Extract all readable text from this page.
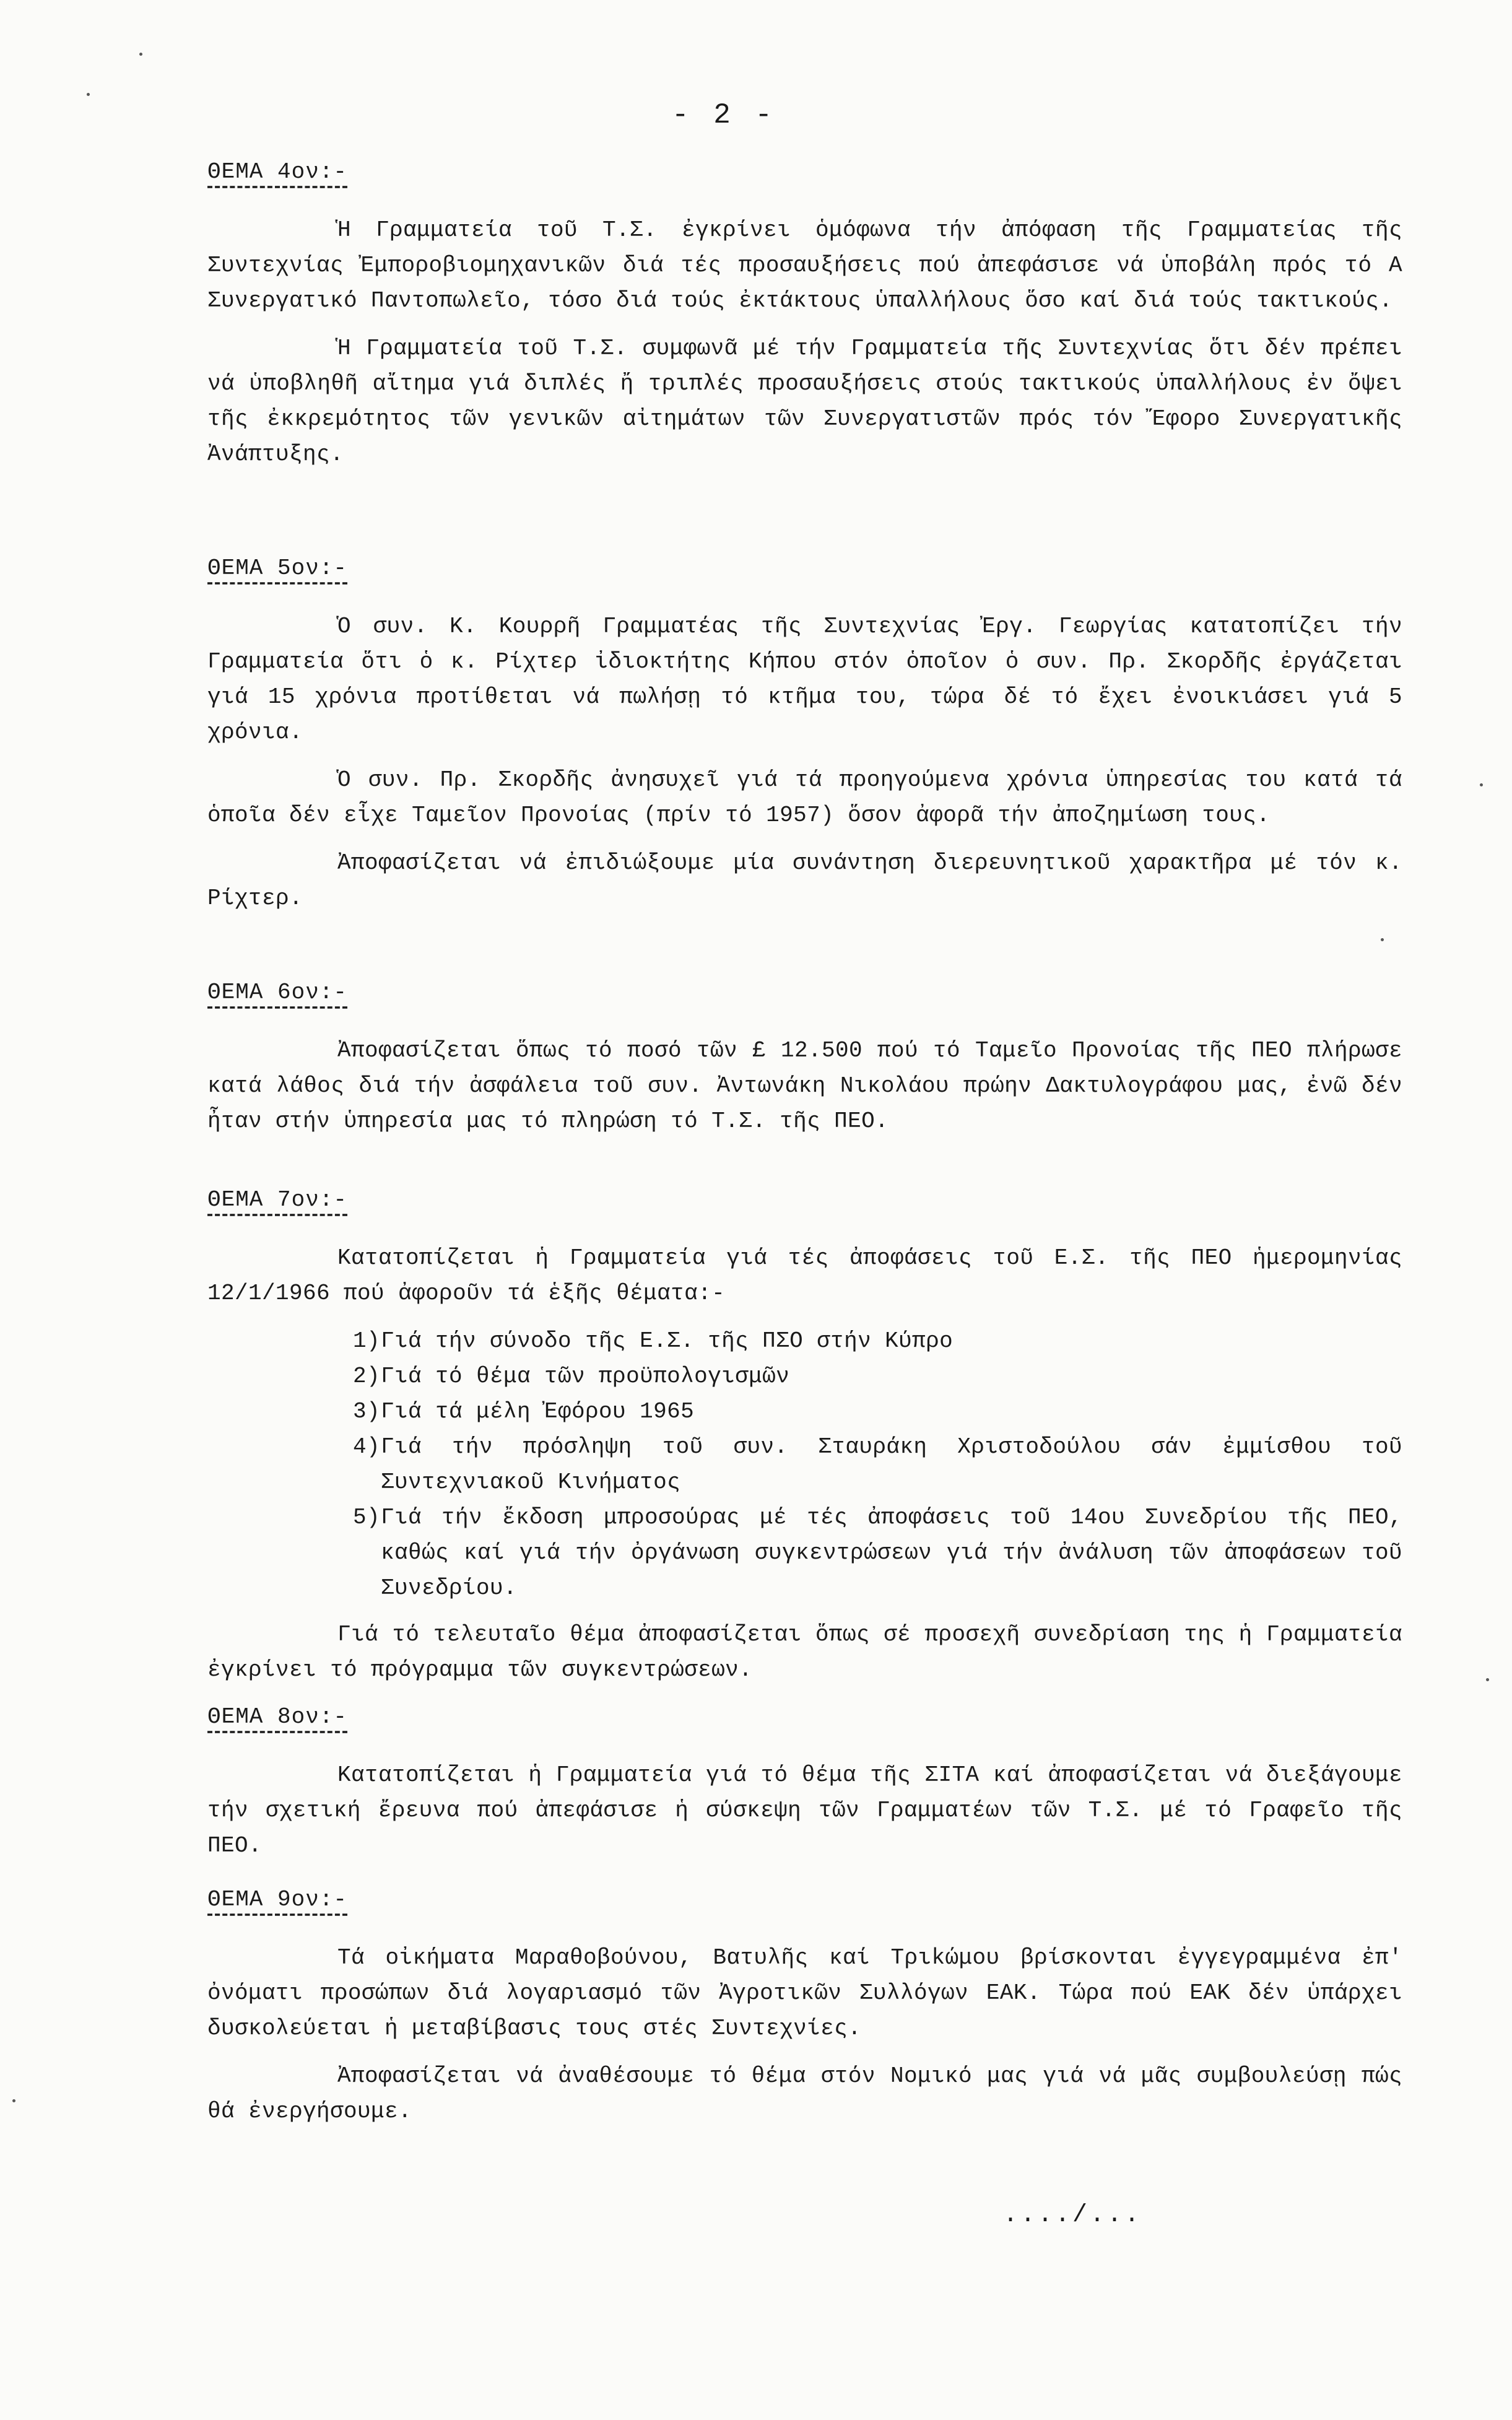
- 2 -
ΘΕΜΑ 4ον:-

Ἡ Γραμματεία τοῦ Τ.Σ. ἐγκρίνει ὁμόφωνα τήν ἀπόφαση τῆς Γραμματείας τῆς Συντεχνίας Ἐμποροβιομηχανικῶν διά τές προσαυξήσεις πού ἀπεφάσισε νά ὑποβάλη πρός τό Α Συνεργατικό Παντοπωλεῖο, τόσο διά τούς ἐκτάκτους ὑπαλλήλους ὅσο καί διά τούς τακτικούς.

Ἡ Γραμματεία τοῦ Τ.Σ. συμφωνᾶ μέ τήν Γραμματεία τῆς Συντεχνίας ὅτι δέν πρέπει νά ὑποβληθῆ αἴτημα γιά διπλές ἤ τριπλές προσαυξήσεις στούς τακτικούς ὑπαλλήλους ἐν ὄψει τῆς ἐκκρεμότητος τῶν γενικῶν αἰτημάτων τῶν Συνεργατιστῶν πρός τόν Ἔφορο Συνεργατικῆς Ἀνάπτυξης.

ΘΕΜΑ 5ον:-

Ὁ συν. Κ. Κουρρῆ Γραμματέας τῆς Συντεχνίας Ἐργ. Γεωργίας κατατοπίζει τήν Γραμματεία ὅτι ὁ κ. Ρίχτερ ἰδιοκτήτης Κήπου στόν ὁποῖον ὁ συν. Πρ. Σκορδῆς ἐργάζεται γιά 15 χρόνια προτίθεται νά πωλήσῃ τό κτῆμα του, τώρα δέ τό ἔχει ἐνοικιάσει γιά 5 χρόνια.

Ὁ συν. Πρ. Σκορδῆς ἀνησυχεῖ γιά τά προηγούμενα χρόνια ὑπηρεσίας του κατά τά ὁποῖα δέν εἶχε Ταμεῖον Προνοίας (πρίν τό 1957) ὅσον ἀφορᾶ τήν ἀποζημίωση τους.

Ἀποφασίζεται νά ἐπιδιώξουμε μία συνάντηση διερευνητικοῦ χαρακτῆρα μέ τόν κ. Ρίχτερ.

ΘΕΜΑ 6ον:-

Ἀποφασίζεται ὅπως τό ποσό τῶν £ 12.500 πού τό Ταμεῖο Προνοίας τῆς ΠΕΟ πλήρωσε κατά λάθος διά τήν ἀσφάλεια τοῦ συν. Ἀντωνάκη Νικολάου πρώην Δακτυλογράφου μας, ἐνῶ δέν ἦταν στήν ὑπηρεσία μας τό πληρώση τό Τ.Σ. τῆς ΠΕΟ.

ΘΕΜΑ 7ον:-

Κατατοπίζεται ἡ Γραμματεία γιά τές ἀποφάσεις τοῦ Ε.Σ. τῆς ΠΕΟ ἡμερομηνίας 12/1/1966 πού ἀφοροῦν τά ἑξῆς θέματα:-

1) Γιά τήν σύνοδο τῆς Ε.Σ. τῆς ΠΣΟ στήν Κύπρο
2) Γιά τό θέμα τῶν προϋπολογισμῶν
3) Γιά τά μέλη Ἐφόρου 1965
4) Γιά τήν πρόσληψη τοῦ συν. Σταυράκη Χριστοδούλου σάν ἐμμίσθου τοῦ Συντεχνιακοῦ Κινήματος
5) Γιά τήν ἔκδοση μπροσούρας μέ τές ἀποφάσεις τοῦ 14ου Συνεδρίου τῆς ΠΕΟ, καθώς καί γιά τήν ὀργάνωση συγκεντρώσεων γιά τήν ἀνάλυση τῶν ἀποφάσεων τοῦ Συνεδρίου.

Γιά τό τελευταῖο θέμα ἀποφασίζεται ὅπως σέ προσεχῆ συνεδρίαση της ἡ Γραμματεία ἐγκρίνει τό πρόγραμμα τῶν συγκεντρώσεων.

ΘΕΜΑ 8ον:-

Κατατοπίζεται ἡ Γραμματεία γιά τό θέμα τῆς ΣΙΤΑ καί ἀποφασίζεται νά διεξάγουμε τήν σχετική ἔρευνα πού ἀπεφάσισε ἡ σύσκεψη τῶν Γραμματέων τῶν Τ.Σ. μέ τό Γραφεῖο τῆς ΠΕΟ.

ΘΕΜΑ 9ον:-

Τά οἰκήματα Μαραθοβούνου, Βατυλῆς καί Τριkώμου βρίσκονται ἐγγεγραμμένα ἐπ' ὀνόματι προσώπων διά λογαριασμό τῶν Ἀγροτικῶν Συλλόγων ΕΑΚ. Τώρα πού ΕΑΚ δέν ὑπάρχει δυσκολεύεται ἡ μεταβίβασις τους στές Συντεχνίες.

Ἀποφασίζεται νά ἀναθέσουμε τό θέμα στόν Νομικό μας γιά νά μᾶς συμβουλεύσῃ πώς θά ἐνεργήσουμε.

..../...
